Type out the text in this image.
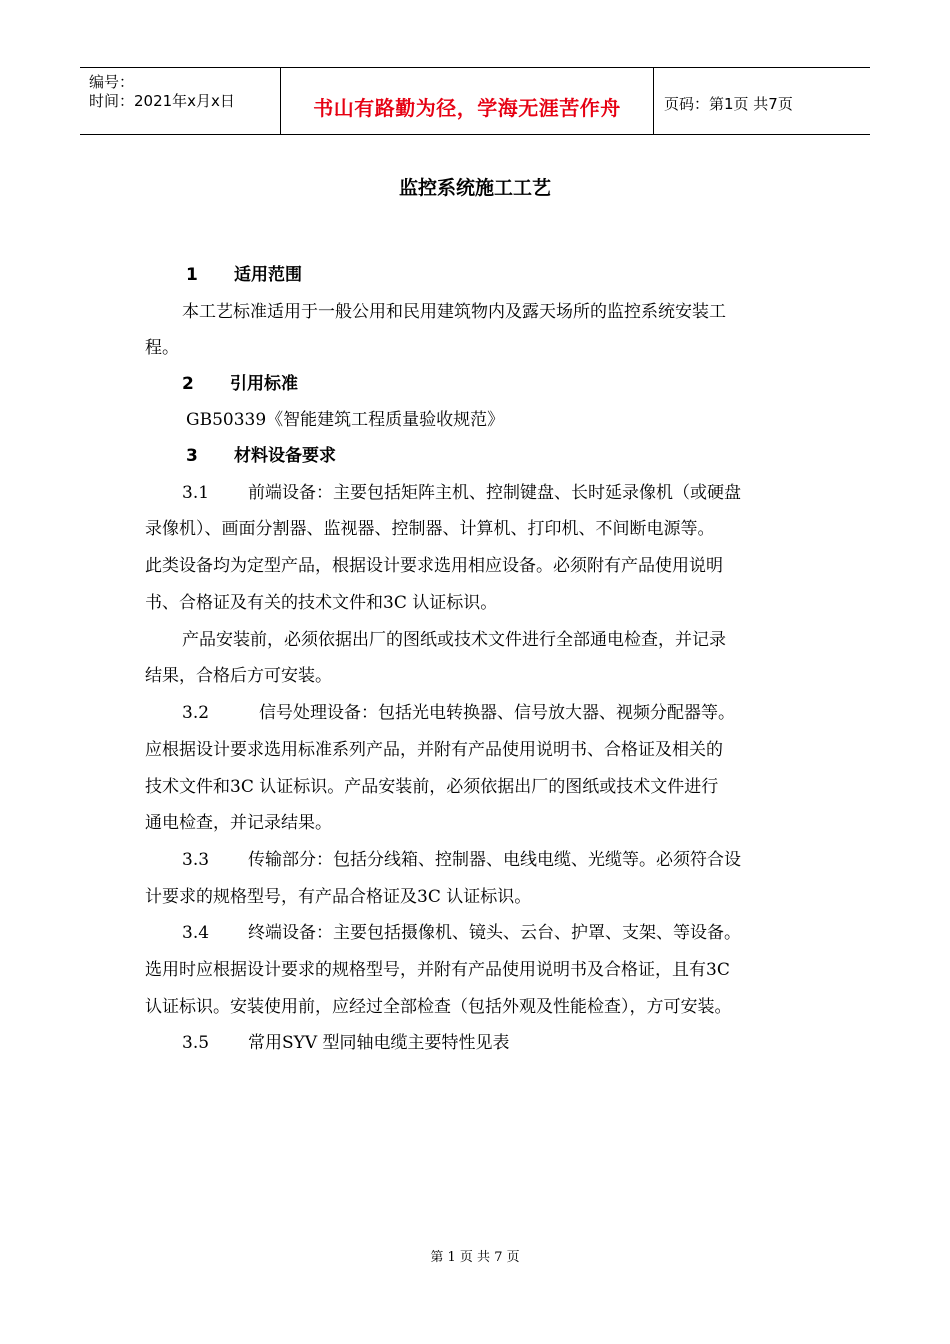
编号：
时间：2021年x月x日	书山有路勤为径，学海无涯苦作舟	页码：第1页 共7页
监控系统施工工艺
1 适用范围
本工艺标准适用于一般公用和民用建筑物内及露天场所的监控系统安装工
程。
2 引用标准
GB50339《智能建筑工程质量验收规范》
3 材料设备要求
3.1 前端设备：主要包括矩阵主机、控制键盘、长时延录像机（或硬盘
录像机）、画面分割器、监视器、控制器、计算机、打印机、不间断电源等。
此类设备均为定型产品，根据设计要求选用相应设备。必须附有产品使用说明
书、合格证及有关的技术文件和3C 认证标识。
产品安装前，必须依据出厂的图纸或技术文件进行全部通电检查，并记录
结果，合格后方可安装。
3.2	信号处理设备：包括光电转换器、信号放大器、视频分配器等。
应根据设计要求选用标准系列产品，并附有产品使用说明书、合格证及相关的
技术文件和3C 认证标识。产品安装前，必须依据出厂的图纸或技术文件进行
通电检查，并记录结果。
3.3 传输部分：包括分线箱、控制器、电线电缆、光缆等。必须符合设
计要求的规格型号，有产品合格证及3C 认证标识。
3.4 终端设备：主要包括摄像机、镜头、云台、护罩、支架、等设备。
选用时应根据设计要求的规格型号，并附有产品使用说明书及合格证，且有3C
认证标识。安装使用前，应经过全部检查（包括外观及性能检查），方可安装。
3.5 常用SYV 型同轴电缆主要特性见表
第 1 页 共 7 页
